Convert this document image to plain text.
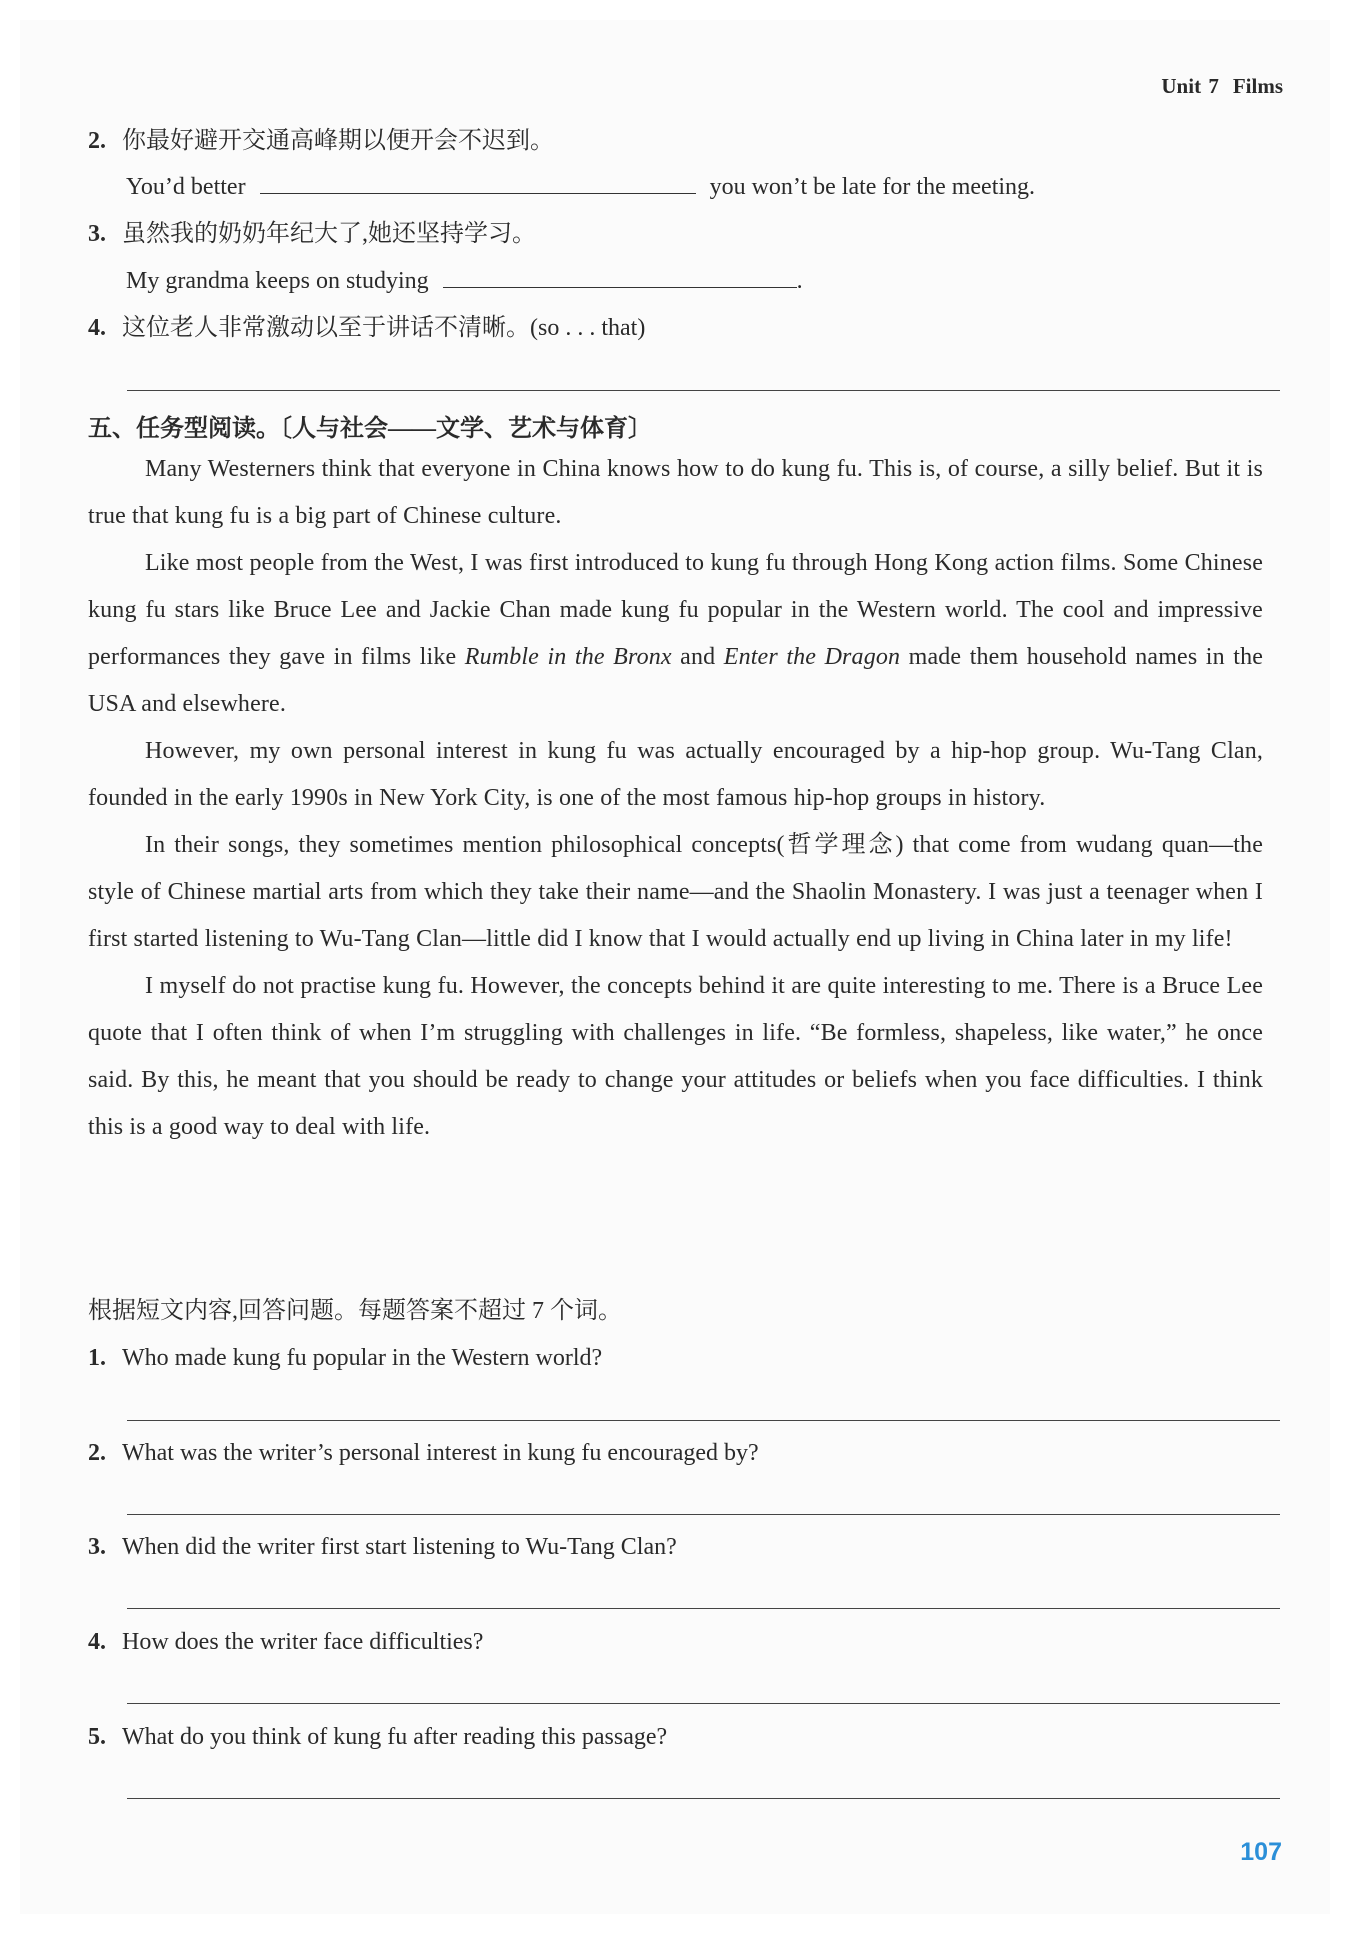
Unit 7 Films
2. 你最好避开交通高峰期以便开会不迟到。
You’d better	you won’t be late for the meeting.
3. 虽然我的奶奶年纪大了,她还坚持学习。
My grandma keeps on studying	.
4. 这位老人非常激动以至于讲话不清晰。(so . . . that)
五、任务型阅读。〔人与社会——文学、艺术与体育〕

Many Westerners think that everyone in China knows how to do kung fu. This is, of course, a silly belief. But it is true that kung fu is a big part of Chinese culture.

Like most people from the West, I was first introduced to kung fu through Hong Kong action films. Some Chinese kung fu stars like Bruce Lee and Jackie Chan made kung fu popular in the Western world. The cool and impressive performances they gave in films like Rumble in the Bronx and Enter the Dragon made them household names in the USA and elsewhere.

However, my own personal interest in kung fu was actually encouraged by a hip-hop group. Wu-Tang Clan, founded in the early 1990s in New York City, is one of the most famous hip-hop groups in history.

In their songs, they sometimes mention philosophical concepts(哲学理念) that come from wudang quan—the style of Chinese martial arts from which they take their name—and the Shaolin Monastery. I was just a teenager when I first started listening to Wu-Tang Clan—little did I know that I would actually end up living in China later in my life!

I myself do not practise kung fu. However, the concepts behind it are quite interesting to me. There is a Bruce Lee quote that I often think of when I’m struggling with challenges in life. “Be formless, shapeless, like water,” he once said. By this, he meant that you should be ready to change your attitudes or beliefs when you face difficulties. I think this is a good way to deal with life.

根据短文内容,回答问题。每题答案不超过 7 个词。
1. Who made kung fu popular in the Western world?
2. What was the writer’s personal interest in kung fu encouraged by?
3. When did the writer first start listening to Wu-Tang Clan?
4. How does the writer face difficulties?
5. What do you think of kung fu after reading this passage?
107
